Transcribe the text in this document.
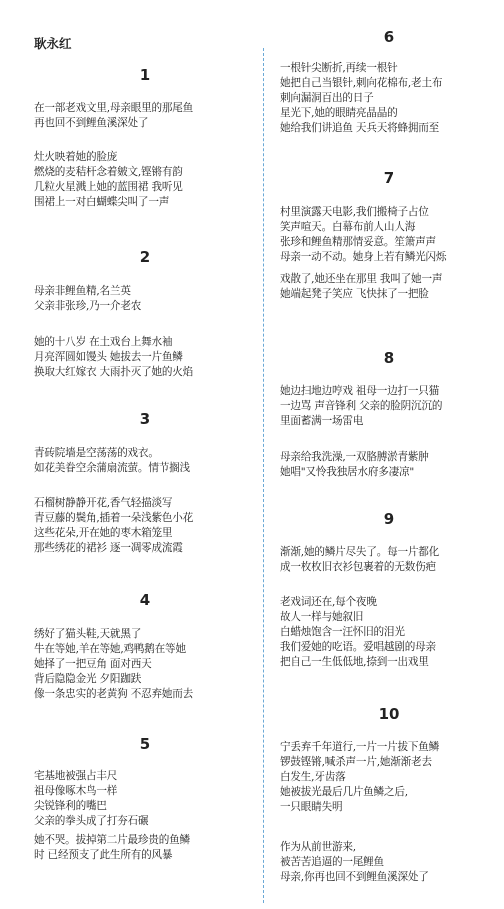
耿永红
1
在一部老戏文里,母亲眼里的那尾鱼
再也回不到鲤鱼溪深处了
灶火映着她的脸庞
燃烧的麦秸杆念着皴文,铿锵有韵
几粒火星溅上她的蓝围裙 我听见
围裙上一对白蝴蝶尖叫了一声
2
母亲非鲤鱼精,名兰英
父亲非张珍,乃一介老农
她的十八岁 在土戏台上舞水袖
月亮浑圆如馒头 她拔去一片鱼鳞
换取大红嫁衣 大雨扑灭了她的火焰
3
青砖院墙是空荡荡的戏衣。
如花美眷空余蒲扇流萤。情节搁浅
石榴树静静开花,香气轻描淡写
青豆藤的鬓角,插着一朵浅紫色小花
这些花朵,开在她的枣木箱笼里
那些绣花的裙衫 逐一凋零成流霞
4
绣好了猫头鞋,天就黑了
牛在等她,羊在等她,鸡鸭鹅在等她
她择了一把豆角 面对西天
背后隐隐金光 夕阳跏趺
像一条忠实的老黄狗 不忍弃她而去
5
宅基地被强占丰尺
祖母像啄木鸟一样
尖锐锋利的嘴巴
父亲的拳头成了打夯石碾
她不哭。拔掉第二片最珍贵的鱼鳞
时 已经预支了此生所有的风暴
6
一根针尖断折,再续一根针
她把自己当银针,刺向花棉布,老土布
刺向漏洞百出的日子
星光下,她的眼睛亮晶晶的
她给我们讲追鱼 天兵天将蜂拥而至
7
村里演露天电影,我们搬椅子占位
笑声喧天。白幕布前人山人海
张珍和鲤鱼精那情妥意。笙箫声声
母亲一动不动。她身上若有鳞光闪烁
戏散了,她还坐在那里 我叫了她一声
她端起凳子笑应 飞快抹了一把脸
8
她边扫地边哼戏 祖母一边打一只猫
一边骂 声音锋利 父亲的脸阴沉沉的
里面蓄满一场雷电
母亲给我洗澡,一双胳膊淤青紫肿
她唱"又怜我独居水府多凄凉"
9
渐渐,她的鳞片尽失了。每一片都化
成一枚枚旧衣衫包裹着的无数伤疤
老戏词还在,每个夜晚
故人一样与她叙旧
白蜡烛饱含一汪怀旧的泪光
我们爱她的吃语。爱唱越剧的母亲
把自己一生低低地,捺到一出戏里
10
宁丢弃千年道行,一片一片拔下鱼鳞
锣鼓铿锵,喊杀声一片,她渐渐老去
白发生,牙齿落
她被拔光最后几片鱼鳞之后,
一只眼睛失明
作为从前世游来,
被苦苦追逼的一尾鲤鱼
母亲,你再也回不到鲤鱼溪深处了
